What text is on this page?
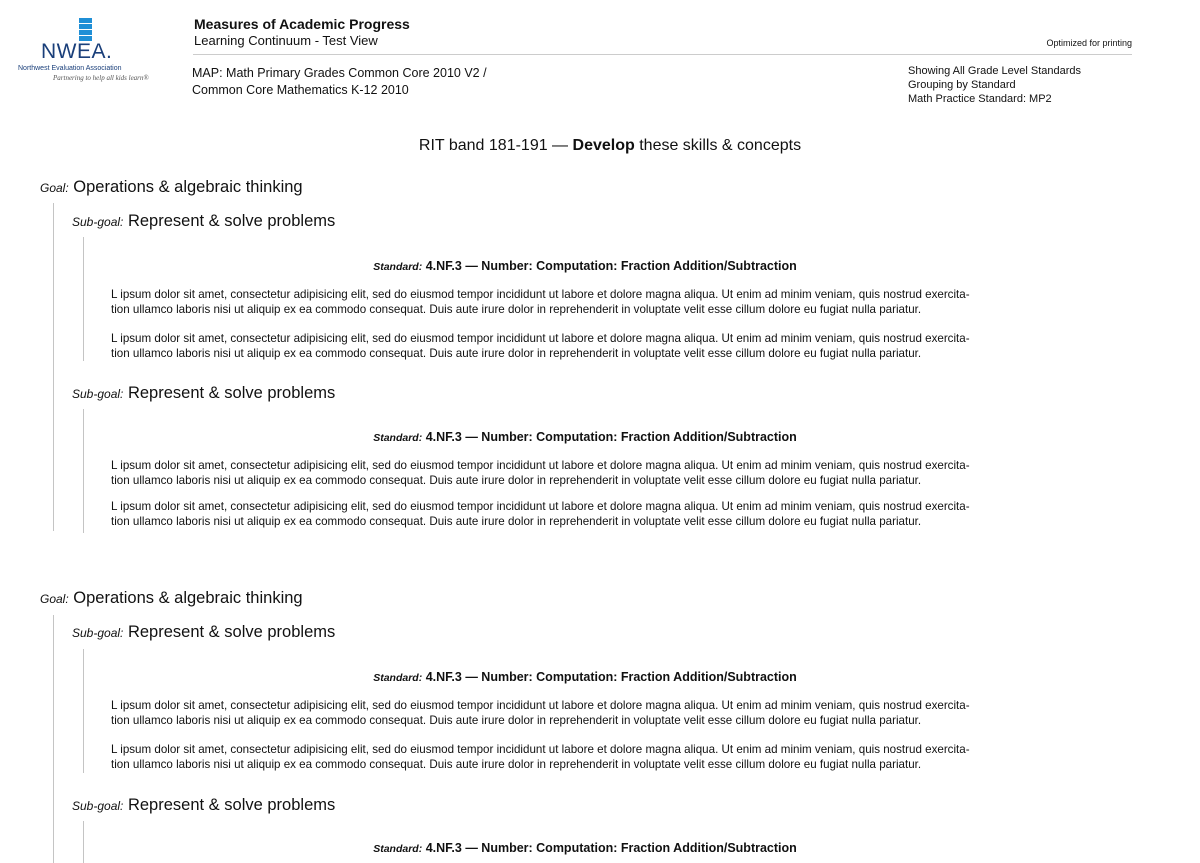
NWEA.
Northwest Evaluation Association
Partnering to help all kids learn®
Measures of Academic Progress
Learning Continuum - Test View	Optimized for printing
MAP: Math Primary Grades Common Core 2010 V2 /
Common Core Mathematics K-12 2010
Showing All Grade Level Standards
Grouping by Standard
Math Practice Standard: MP2
RIT band 181-191 — Develop these skills & concepts
Goal: Operations & algebraic thinking
Sub-goal: Represent & solve problems
Standard: 4.NF.3 — Number: Computation: Fraction Addition/Subtraction
L ipsum dolor sit amet, consectetur adipisicing elit, sed do eiusmod tempor incididunt ut labore et dolore magna aliqua. Ut enim ad minim veniam, quis nostrud exercita-
tion ullamco laboris nisi ut aliquip ex ea commodo consequat. Duis aute irure dolor in reprehenderit in voluptate velit esse cillum dolore eu fugiat nulla pariatur.
L ipsum dolor sit amet, consectetur adipisicing elit, sed do eiusmod tempor incididunt ut labore et dolore magna aliqua. Ut enim ad minim veniam, quis nostrud exercita-
tion ullamco laboris nisi ut aliquip ex ea commodo consequat. Duis aute irure dolor in reprehenderit in voluptate velit esse cillum dolore eu fugiat nulla pariatur.
Sub-goal: Represent & solve problems
Standard: 4.NF.3 — Number: Computation: Fraction Addition/Subtraction
L ipsum dolor sit amet, consectetur adipisicing elit, sed do eiusmod tempor incididunt ut labore et dolore magna aliqua. Ut enim ad minim veniam, quis nostrud exercita-
tion ullamco laboris nisi ut aliquip ex ea commodo consequat. Duis aute irure dolor in reprehenderit in voluptate velit esse cillum dolore eu fugiat nulla pariatur.
L ipsum dolor sit amet, consectetur adipisicing elit, sed do eiusmod tempor incididunt ut labore et dolore magna aliqua. Ut enim ad minim veniam, quis nostrud exercita-
tion ullamco laboris nisi ut aliquip ex ea commodo consequat. Duis aute irure dolor in reprehenderit in voluptate velit esse cillum dolore eu fugiat nulla pariatur.
Goal: Operations & algebraic thinking
Sub-goal: Represent & solve problems
Standard: 4.NF.3 — Number: Computation: Fraction Addition/Subtraction
L ipsum dolor sit amet, consectetur adipisicing elit, sed do eiusmod tempor incididunt ut labore et dolore magna aliqua. Ut enim ad minim veniam, quis nostrud exercita-
tion ullamco laboris nisi ut aliquip ex ea commodo consequat. Duis aute irure dolor in reprehenderit in voluptate velit esse cillum dolore eu fugiat nulla pariatur.
L ipsum dolor sit amet, consectetur adipisicing elit, sed do eiusmod tempor incididunt ut labore et dolore magna aliqua. Ut enim ad minim veniam, quis nostrud exercita-
tion ullamco laboris nisi ut aliquip ex ea commodo consequat. Duis aute irure dolor in reprehenderit in voluptate velit esse cillum dolore eu fugiat nulla pariatur.
Sub-goal: Represent & solve problems
Standard: 4.NF.3 — Number: Computation: Fraction Addition/Subtraction
